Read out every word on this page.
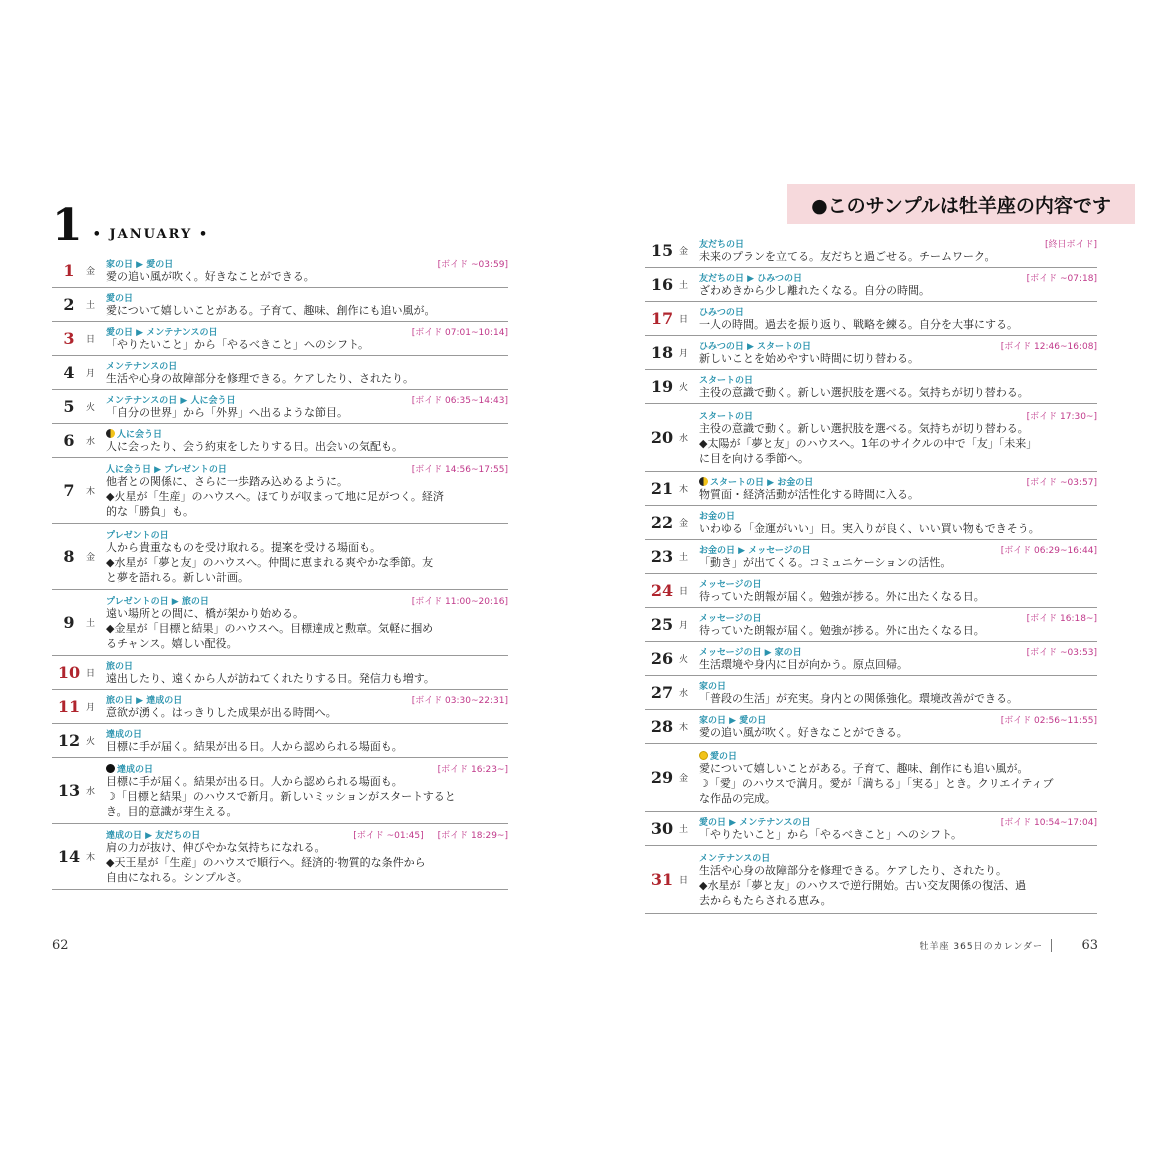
●このサンプルは牡羊座の内容です
1 • JANUARY •
1	金
家の日 ▶ 愛の日	[ボイド ~03:59]
愛の追い風が吹く。好きなことができる。
2	土
愛の日
愛について嬉しいことがある。子育て、趣味、創作にも追い風が。
3	日
愛の日 ▶ メンテナンスの日	[ボイド 07:01~10:14]
「やりたいこと」から「やるべきこと」へのシフト。
4	月
メンテナンスの日
生活や心身の故障部分を修理できる。ケアしたり、されたり。
5	火
メンテナンスの日 ▶ 人に会う日	[ボイド 06:35~14:43]
「自分の世界」から「外界」へ出るような節目。
6	水
人に会う日
人に会ったり、会う約束をしたりする日。出会いの気配も。
7	木
人に会う日 ▶ プレゼントの日	[ボイド 14:56~17:55]
他者との関係に、さらに一歩踏み込めるように。
◆火星が「生産」のハウスへ。ほてりが収まって地に足がつく。経済
的な「勝負」も。
8	金
プレゼントの日
人から貴重なものを受け取れる。提案を受ける場面も。
◆水星が「夢と友」のハウスへ。仲間に恵まれる爽やかな季節。友
と夢を語れる。新しい計画。
9	土
プレゼントの日 ▶ 旅の日	[ボイド 11:00~20:16]
遠い場所との間に、橋が架かり始める。
◆金星が「目標と結果」のハウスへ。目標達成と勲章。気軽に掴め
るチャンス。嬉しい配役。
10 日
旅の日
遠出したり、遠くから人が訪ねてくれたりする日。発信力も増す。
11 月
旅の日 ▶ 達成の日	[ボイド 03:30~22:31]
意欲が湧く。はっきりした成果が出る時間へ。
12 火
達成の日
目標に手が届く。結果が出る日。人から認められる場面も。
13 水
達成の日	[ボイド 16:23~]
目標に手が届く。結果が出る日。人から認められる場面も。
☽「目標と結果」のハウスで新月。新しいミッションがスタートすると
き。目的意識が芽生える。
14 木
達成の日 ▶ 友だちの日	[ボイド ~01:45] [ボイド 18:29~]
肩の力が抜け、伸びやかな気持ちになれる。
◆天王星が「生産」のハウスで順行へ。経済的·物質的な条件から
自由になれる。シンプルさ。
15 金
友だちの日	[終日ボイド]
未来のプランを立てる。友だちと過ごせる。チームワーク。
16 土
友だちの日 ▶ ひみつの日	[ボイド ~07:18]
ざわめきから少し離れたくなる。自分の時間。
17 日
ひみつの日
一人の時間。過去を振り返り、戦略を練る。自分を大事にする。
18 月
ひみつの日 ▶ スタートの日	[ボイド 12:46~16:08]
新しいことを始めやすい時間に切り替わる。
19 火
スタートの日
主役の意識で動く。新しい選択肢を選べる。気持ちが切り替わる。
20 水
スタートの日	[ボイド 17:30~]
主役の意識で動く。新しい選択肢を選べる。気持ちが切り替わる。
◆太陽が「夢と友」のハウスへ。1年のサイクルの中で「友」「未来」
に目を向ける季節へ。
21 木
スタートの日 ▶ お金の日	[ボイド ~03:57]
物質面・経済活動が活性化する時間に入る。
22 金
お金の日
いわゆる「金運がいい」日。実入りが良く、いい買い物もできそう。
23 土
お金の日 ▶ メッセージの日	[ボイド 06:29~16:44]
「動き」が出てくる。コミュニケーションの活性。
24 日
メッセージの日
待っていた朗報が届く。勉強が捗る。外に出たくなる日。
25 月
メッセージの日	[ボイド 16:18~]
待っていた朗報が届く。勉強が捗る。外に出たくなる日。
26 火
メッセージの日 ▶ 家の日	[ボイド ~03:53]
生活環境や身内に目が向かう。原点回帰。
27 水
家の日
「普段の生活」が充実。身内との関係強化。環境改善ができる。
28 木
家の日 ▶ 愛の日	[ボイド 02:56~11:55]
愛の追い風が吹く。好きなことができる。
29 金
愛の日
愛について嬉しいことがある。子育て、趣味、創作にも追い風が。
☽「愛」のハウスで満月。愛が「満ちる」「実る」とき。クリエイティブ
な作品の完成。
30 土
愛の日 ▶ メンテナンスの日	[ボイド 10:54~17:04]
「やりたいこと」から「やるべきこと」へのシフト。
31 日
メンテナンスの日
生活や心身の故障部分を修理できる。ケアしたり、されたり。
◆水星が「夢と友」のハウスで逆行開始。古い交友関係の復活、過
去からもたらされる恵み。
62	牡羊座 365日のカレンダー	63
